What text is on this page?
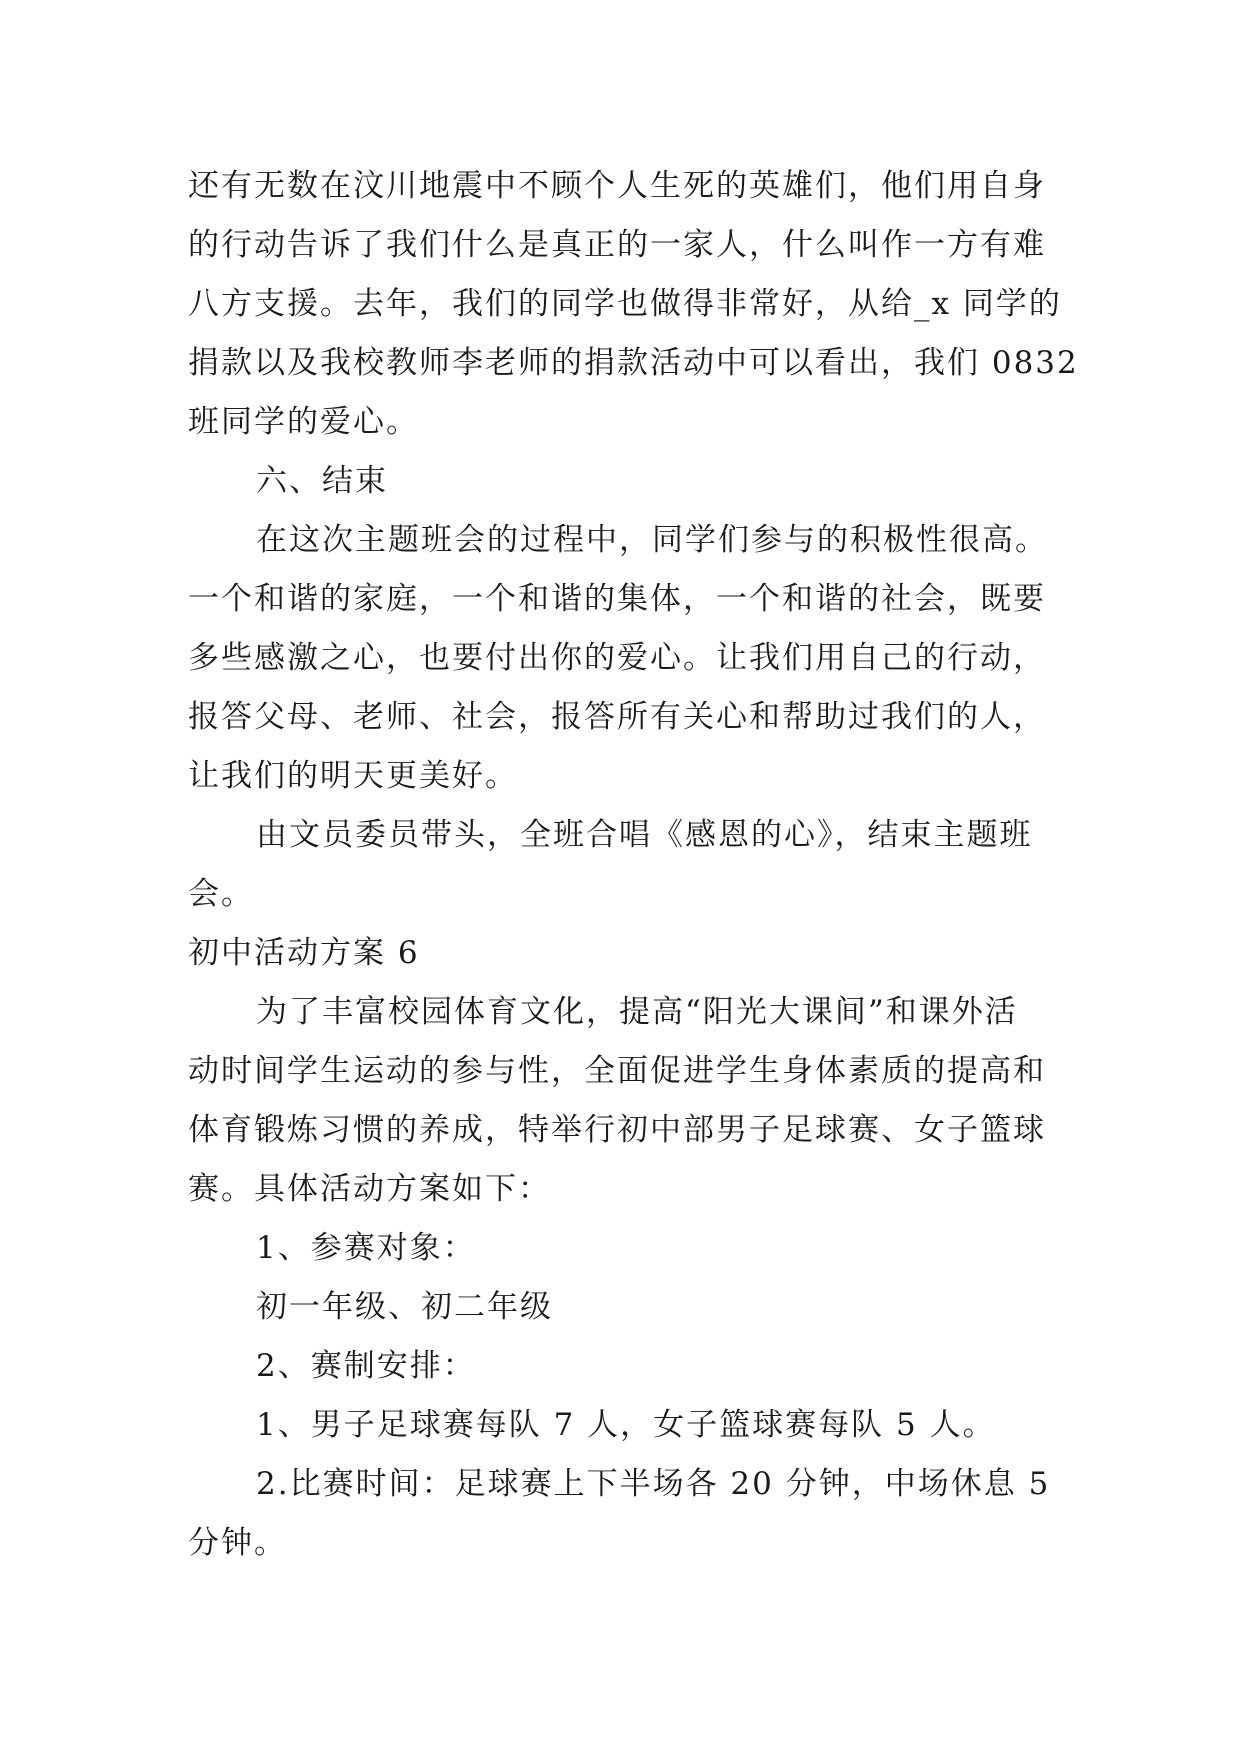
还有无数在汶川地震中不顾个人生死的英雄们，他们用自身
的行动告诉了我们什么是真正的一家人，什么叫作一方有难
八方支援。去年，我们的同学也做得非常好，从给_x 同学的
捐款以及我校教师李老师的捐款活动中可以看出，我们 0832
班同学的爱心。
六、结束
在这次主题班会的过程中，同学们参与的积极性很高。
一个和谐的家庭，一个和谐的集体，一个和谐的社会，既要
多些感激之心，也要付出你的爱心。让我们用自己的行动，
报答父母、老师、社会，报答所有关心和帮助过我们的人，
让我们的明天更美好。
由文员委员带头，全班合唱《感恩的心》，结束主题班
会。
初中活动方案 6
为了丰富校园体育文化，提高“阳光大课间”和课外活
动时间学生运动的参与性，全面促进学生身体素质的提高和
体育锻炼习惯的养成，特举行初中部男子足球赛、女子篮球
赛。具体活动方案如下：
1、参赛对象：
初一年级、初二年级
2、赛制安排：
1、男子足球赛每队 7 人，女子篮球赛每队 5 人。
2.比赛时间：足球赛上下半场各 20 分钟，中场休息 5
分钟。
